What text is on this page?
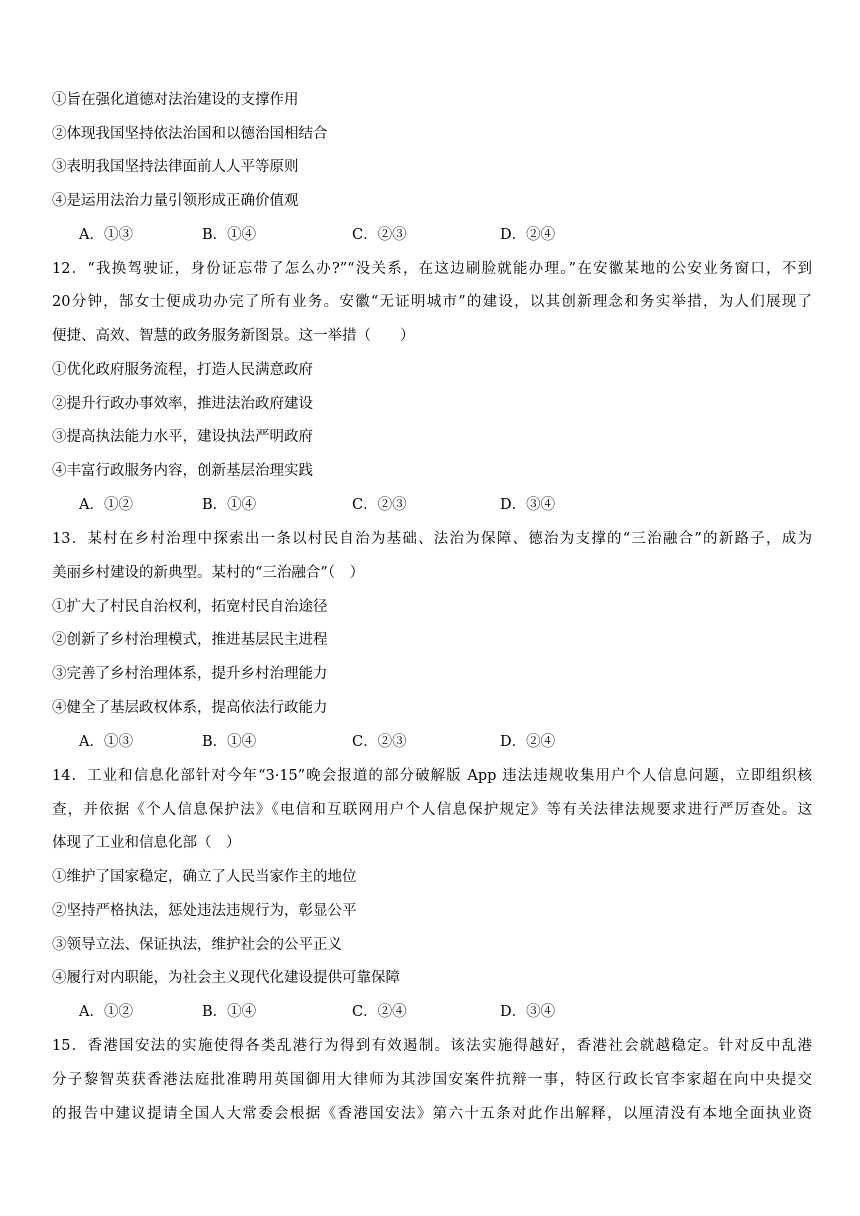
①旨在强化道德对法治建设的支撑作用
②体现我国坚持依法治国和以德治国相结合
③表明我国坚持法律面前人人平等原则
④是运用法治力量引领形成正确价值观
A．①③	B．①④	C．②③	D．②④
12．“我换驾驶证，身份证忘带了怎么办?”“没关系，在这边刷脸就能办理。”在安徽某地的公安业务窗口，不到
20分钟，郜女士便成功办完了所有业务。安徽“无证明城市”的建设，以其创新理念和务实举措，为人们展现了
便捷、高效、智慧的政务服务新图景。这一举措（　　）
①优化政府服务流程，打造人民满意政府
②提升行政办事效率，推进法治政府建设
③提高执法能力水平，建设执法严明政府
④丰富行政服务内容，创新基层治理实践
A．①②	B．①④	C．②③	D．③④
13．某村在乡村治理中探索出一条以村民自治为基础、法治为保障、德治为支撑的“三治融合”的新路子，成为
美丽乡村建设的新典型。某村的“三治融合”（　）
①扩大了村民自治权利，拓宽村民自治途径
②创新了乡村治理模式，推进基层民主进程
③完善了乡村治理体系，提升乡村治理能力
④健全了基层政权体系，提高依法行政能力
A．①③	B．①④	C．②③	D．②④
14．工业和信息化部针对今年“3·15”晚会报道的部分破解版 App 违法违规收集用户个人信息问题，立即组织核
查，并依据《个人信息保护法》《电信和互联网用户个人信息保护规定》等有关法律法规要求进行严厉查处。这
体现了工业和信息化部（　）
①维护了国家稳定，确立了人民当家作主的地位
②坚持严格执法，惩处违法违规行为，彰显公平
③领导立法、保证执法，维护社会的公平正义
④履行对内职能，为社会主义现代化建设提供可靠保障
A．①②	B．①④	C．②④	D．③④
15．香港国安法的实施使得各类乱港行为得到有效遏制。该法实施得越好，香港社会就越稳定。针对反中乱港
分子黎智英获香港法庭批准聘用英国御用大律师为其涉国安案件抗辩一事，特区行政长官李家超在向中央提交
的报告中建议提请全国人大常委会根据《香港国安法》第六十五条对此作出解释，以厘清没有本地全面执业资
